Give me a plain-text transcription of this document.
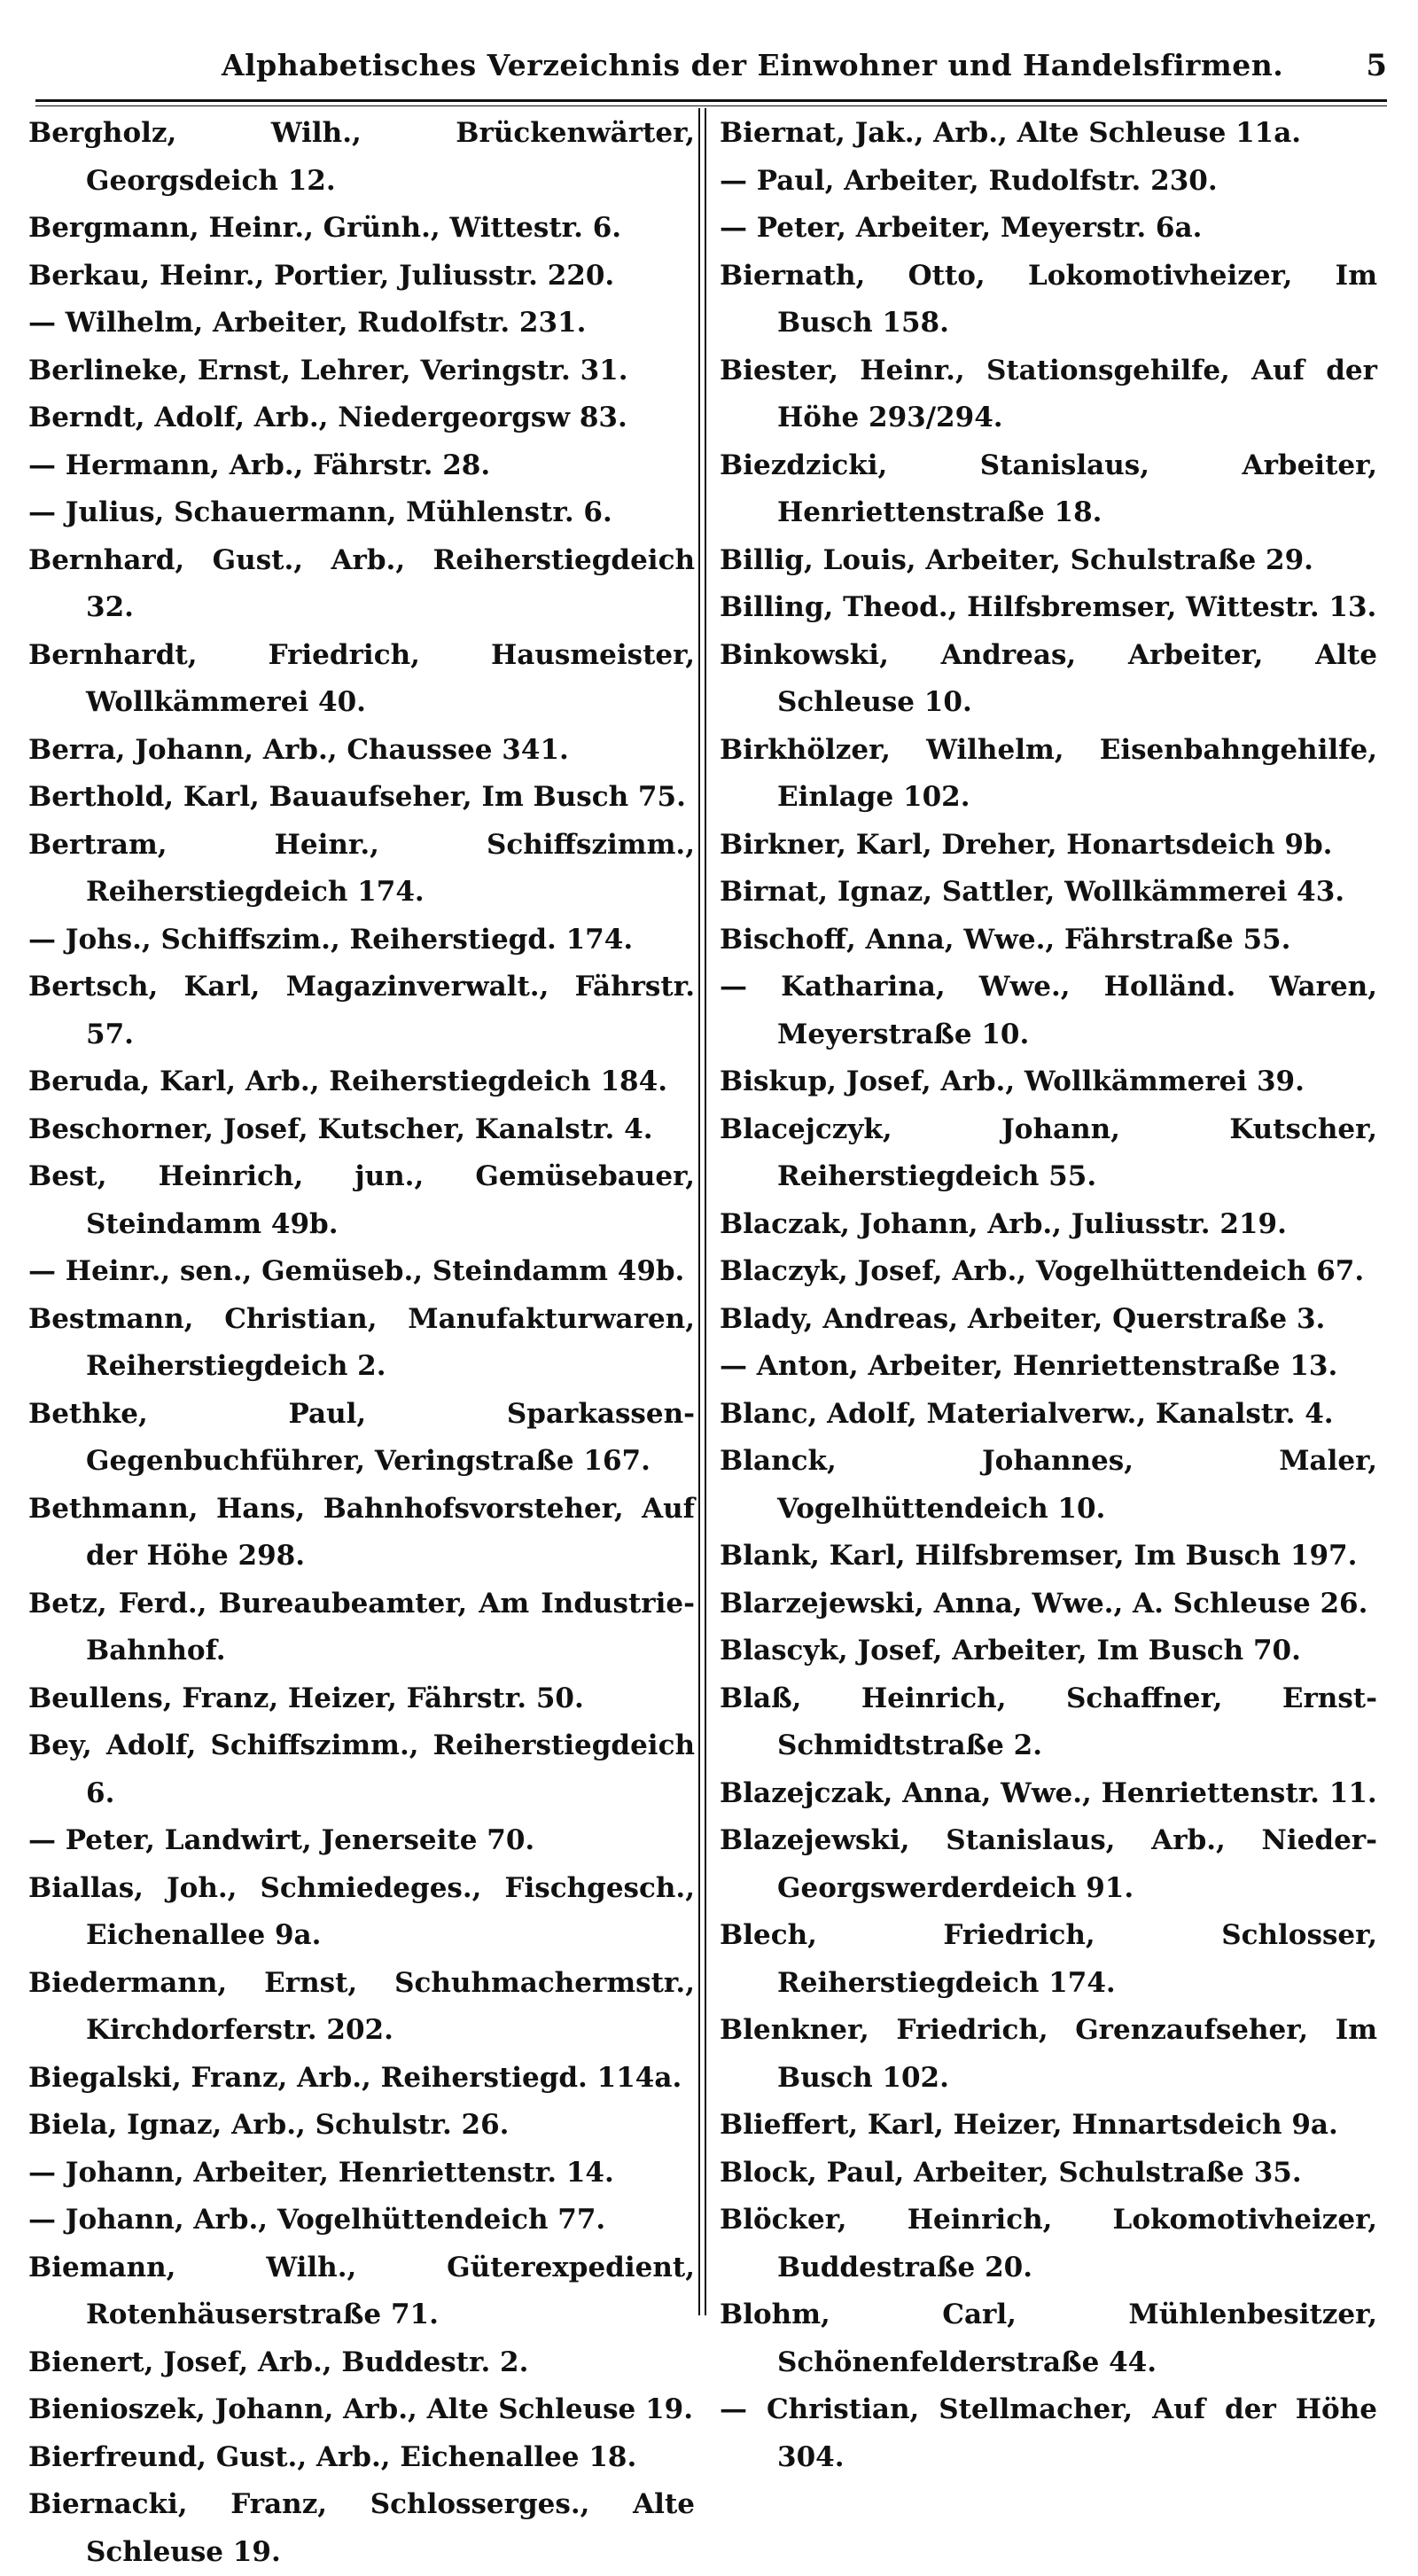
Alphabetisches Verzeichnis der Einwohner und Handelsfirmen.	5

Bergholz, Wilh., Brückenwärter, Georgsdeich 12.

Bergmann, Heinr., Grünh., Wittestr. 6.

Berkau, Heinr., Portier, Juliusstr. 220.

— Wilhelm, Arbeiter, Rudolfstr. 231.

Berlineke, Ernst, Lehrer, Veringstr. 31.

Berndt, Adolf, Arb., Niedergeorgsw 83.

— Hermann, Arb., Fährstr. 28.

— Julius, Schauermann, Mühlenstr. 6.

Bernhard, Gust., Arb., Reiherstiegdeich 32.

Bernhardt, Friedrich, Hausmeister, Wollkämmerei 40.

Berra, Johann, Arb., Chaussee 341.

Berthold, Karl, Bauaufseher, Im Busch 75.

Bertram, Heinr., Schiffszimm., Reiherstiegdeich 174.

— Johs., Schiffszim., Reiherstiegd. 174.

Bertsch, Karl, Magazinverwalt., Fährstr. 57.

Beruda, Karl, Arb., Reiherstiegdeich 184.

Beschorner, Josef, Kutscher, Kanalstr. 4.

Best, Heinrich, jun., Gemüsebauer, Steindamm 49b.

— Heinr., sen., Gemüseb., Steindamm 49b.

Bestmann, Christian, Manufakturwaren, Reiherstiegdeich 2.

Bethke, Paul, Sparkassen-Gegenbuchführer, Veringstraße 167.

Bethmann, Hans, Bahnhofsvorsteher, Auf der Höhe 298.

Betz, Ferd., Bureaubeamter, Am Industrie-Bahnhof.

Beullens, Franz, Heizer, Fährstr. 50.

Bey, Adolf, Schiffszimm., Reiherstiegdeich 6.

— Peter, Landwirt, Jenerseite 70.

Biallas, Joh., Schmiedeges., Fischgesch., Eichenallee 9a.

Biedermann, Ernst, Schuhmachermstr., Kirchdorferstr. 202.

Biegalski, Franz, Arb., Reiherstiegd. 114a.

Biela, Ignaz, Arb., Schulstr. 26.

— Johann, Arbeiter, Henriettenstr. 14.

— Johann, Arb., Vogelhüttendeich 77.

Biemann, Wilh., Güterexpedient, Rotenhäuserstraße 71.

Bienert, Josef, Arb., Buddestr. 2.

Bienioszek, Johann, Arb., Alte Schleuse 19.

Bierfreund, Gust., Arb., Eichenallee 18.

Biernacki, Franz, Schlosserges., Alte Schleuse 19.

Biernat, Jak., Arb., Alte Schleuse 11a.

— Paul, Arbeiter, Rudolfstr. 230.

— Peter, Arbeiter, Meyerstr. 6a.

Biernath, Otto, Lokomotivheizer, Im Busch 158.

Biester, Heinr., Stationsgehilfe, Auf der Höhe 293/294.

Biezdzicki, Stanislaus, Arbeiter, Henriettenstraße 18.

Billig, Louis, Arbeiter, Schulstraße 29.

Billing, Theod., Hilfsbremser, Wittestr. 13.

Binkowski, Andreas, Arbeiter, Alte Schleuse 10.

Birkhölzer, Wilhelm, Eisenbahngehilfe, Einlage 102.

Birkner, Karl, Dreher, Honartsdeich 9b.

Birnat, Ignaz, Sattler, Wollkämmerei 43.

Bischoff, Anna, Wwe., Fährstraße 55.

— Katharina, Wwe., Holländ. Waren, Meyerstraße 10.

Biskup, Josef, Arb., Wollkämmerei 39.

Blacejczyk, Johann, Kutscher, Reiherstiegdeich 55.

Blaczak, Johann, Arb., Juliusstr. 219.

Blaczyk, Josef, Arb., Vogelhüttendeich 67.

Blady, Andreas, Arbeiter, Querstraße 3.

— Anton, Arbeiter, Henriettenstraße 13.

Blanc, Adolf, Materialverw., Kanalstr. 4.

Blanck, Johannes, Maler, Vogelhüttendeich 10.

Blank, Karl, Hilfsbremser, Im Busch 197.

Blarzejewski, Anna, Wwe., A. Schleuse 26.

Blascyk, Josef, Arbeiter, Im Busch 70.

Blaß, Heinrich, Schaffner, Ernst-Schmidtstraße 2.

Blazejczak, Anna, Wwe., Henriettenstr. 11.

Blazejewski, Stanislaus, Arb., Nieder-Georgswerderdeich 91.

Blech, Friedrich, Schlosser, Reiherstiegdeich 174.

Blenkner, Friedrich, Grenzaufseher, Im Busch 102.

Blieffert, Karl, Heizer, Hnnartsdeich 9a.

Block, Paul, Arbeiter, Schulstraße 35.

Blöcker, Heinrich, Lokomotivheizer, Buddestraße 20.

Blohm, Carl, Mühlenbesitzer, Schönenfelderstraße 44.

— Christian, Stellmacher, Auf der Höhe 304.
